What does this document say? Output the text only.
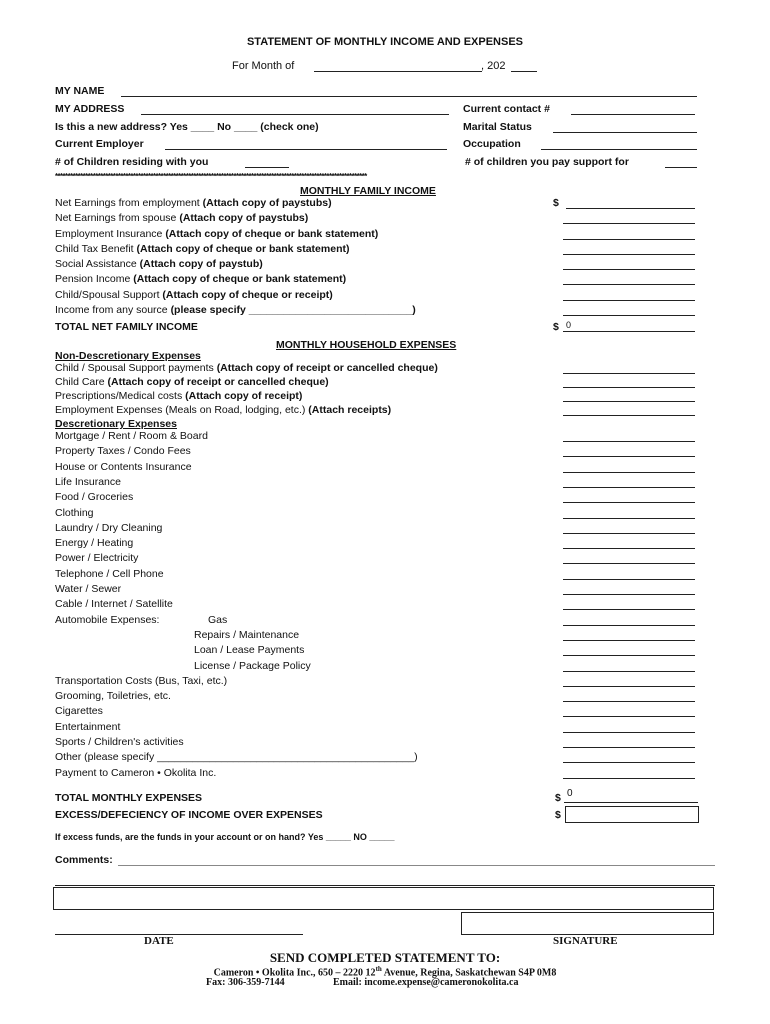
STATEMENT OF MONTHLY INCOME AND EXPENSES
For Month of	, 202
MY NAME
MY ADDRESS	Current contact #
Is this a new address? Yes ____ No ____ (check one)	Marital Status
Current Employer	Occupation
# of Children residing with you	# of children you pay support for
****************************************************************************************************************************
MONTHLY FAMILY INCOME
Net Earnings from employment (Attach copy of paystubs)
Net Earnings from spouse (Attach copy of paystubs)
Employment Insurance (Attach copy of cheque or bank statement)
Child Tax Benefit (Attach copy of cheque or bank statement)
Social Assistance (Attach copy of paystub)
Pension Income (Attach copy of cheque or bank statement)
Child/Spousal Support (Attach copy of cheque or receipt)
Income from any source (please specify ____________________________)
$
TOTAL NET FAMILY INCOME	$ 0
MONTHLY HOUSEHOLD EXPENSES
Non-Descretionary Expenses
Child / Spousal Support payments (Attach copy of receipt or cancelled cheque)
Child Care (Attach copy of receipt or cancelled cheque)
Prescriptions/Medical costs (Attach copy of receipt)
Employment Expenses (Meals on Road, lodging, etc.) (Attach receipts)
Descretionary Expenses
Mortgage / Rent / Room & Board
Property Taxes / Condo Fees
House or Contents Insurance
Life Insurance
Food / Groceries
Clothing
Laundry / Dry Cleaning
Energy / Heating
Power / Electricity
Telephone / Cell Phone
Water / Sewer
Cable / Internet / Satellite
Automobile Expenses:	Gas
Repairs / Maintenance
Loan / Lease Payments
License / Package Policy
Transportation Costs (Bus, Taxi, etc.)
Grooming, Toiletries, etc.
Cigarettes
Entertainment
Sports / Children's activities
Other (please specify ____________________________________________)
Payment to Cameron • Okolita Inc.
TOTAL MONTHLY EXPENSES	$ 0
EXCESS/DEFECIENCY OF INCOME OVER EXPENSES	$
If excess funds, are the funds in your account or on hand? Yes _____ NO _____
Comments:
DATE	SIGNATURE
SEND COMPLETED STATEMENT TO:
Cameron • Okolita Inc., 650 – 2220 12th Avenue, Regina, Saskatchewan S4P 0M8
Fax: 306-359-7144	Email: income.expense@cameronokolita.ca
